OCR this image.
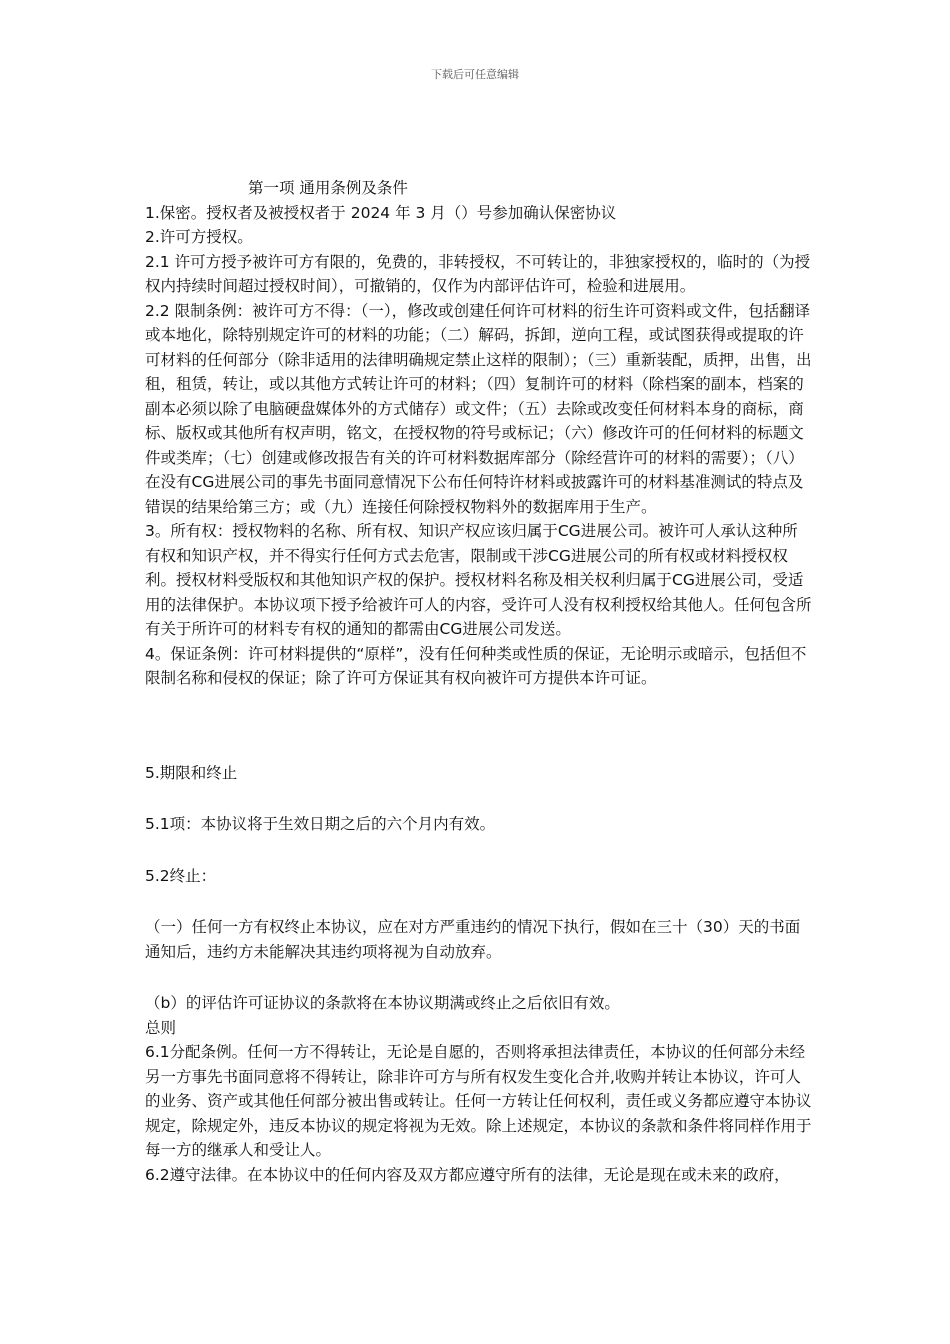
下载后可任意编辑

第一项 通用条例及条件

1.保密。授权者及被授权者于 2024 年 3 月（）号参加确认保密协议

2.许可方授权。

2.1 许可方授予被许可方有限的，免费的，非转授权，不可转让的，非独家授权的，临时的（为授权内持续时间超过授权时间），可撤销的，仅作为内部评估许可，检验和进展用。

2.2 限制条例：被许可方不得：（一），修改或创建任何许可材料的衍生许可资料或文件，包括翻译或本地化，除特别规定许可的材料的功能；（二）解码，拆卸，逆向工程，或试图获得或提取的许可材料的任何部分（除非适用的法律明确规定禁止这样的限制）；（三）重新装配，质押，出售，出租，租赁，转让，或以其他方式转让许可的材料；（四）复制许可的材料（除档案的副本，档案的副本必须以除了电脑硬盘媒体外的方式储存）或文件；（五）去除或改变任何材料本身的商标，商标、版权或其他所有权声明，铭文，在授权物的符号或标记；（六）修改许可的任何材料的标题文件或类库；（七）创建或修改报告有关的许可材料数据库部分（除经营许可的材料的需要）；（八）在没有CG进展公司的事先书面同意情况下公布任何特许材料或披露许可的材料基准测试的特点及错误的结果给第三方；或（九）连接任何除授权物料外的数据库用于生产。

3。所有权：授权物料的名称、所有权、知识产权应该归属于CG进展公司。被许可人承认这种所有权和知识产权，并不得实行任何方式去危害，限制或干涉CG进展公司的所有权或材料授权权利。授权材料受版权和其他知识产权的保护。授权材料名称及相关权利归属于CG进展公司，受适用的法律保护。本协议项下授予给被许可人的内容，受许可人没有权利授权给其他人。任何包含所有关于所许可的材料专有权的通知的都需由CG进展公司发送。

4。保证条例：许可材料提供的“原样”，没有任何种类或性质的保证，无论明示或暗示，包括但不限制名称和侵权的保证；除了许可方保证其有权向被许可方提供本许可证。

5.期限和终止

5.1项：本协议将于生效日期之后的六个月内有效。

5.2终止：

（一）任何一方有权终止本协议，应在对方严重违约的情况下执行，假如在三十（30）天的书面通知后，违约方未能解决其违约项将视为自动放弃。

（b）的评估许可证协议的条款将在本协议期满或终止之后依旧有效。

总则

6.1分配条例。任何一方不得转让，无论是自愿的，否则将承担法律责任，本协议的任何部分未经另一方事先书面同意将不得转让，除非许可方与所有权发生变化合并,收购并转让本协议，许可人的业务、资产或其他任何部分被出售或转让。任何一方转让任何权利，责任或义务都应遵守本协议规定，除规定外，违反本协议的规定将视为无效。除上述规定，本协议的条款和条件将同样作用于每一方的继承人和受让人。

6.2遵守法律。在本协议中的任何内容及双方都应遵守所有的法律，无论是现在或未来的政府，
